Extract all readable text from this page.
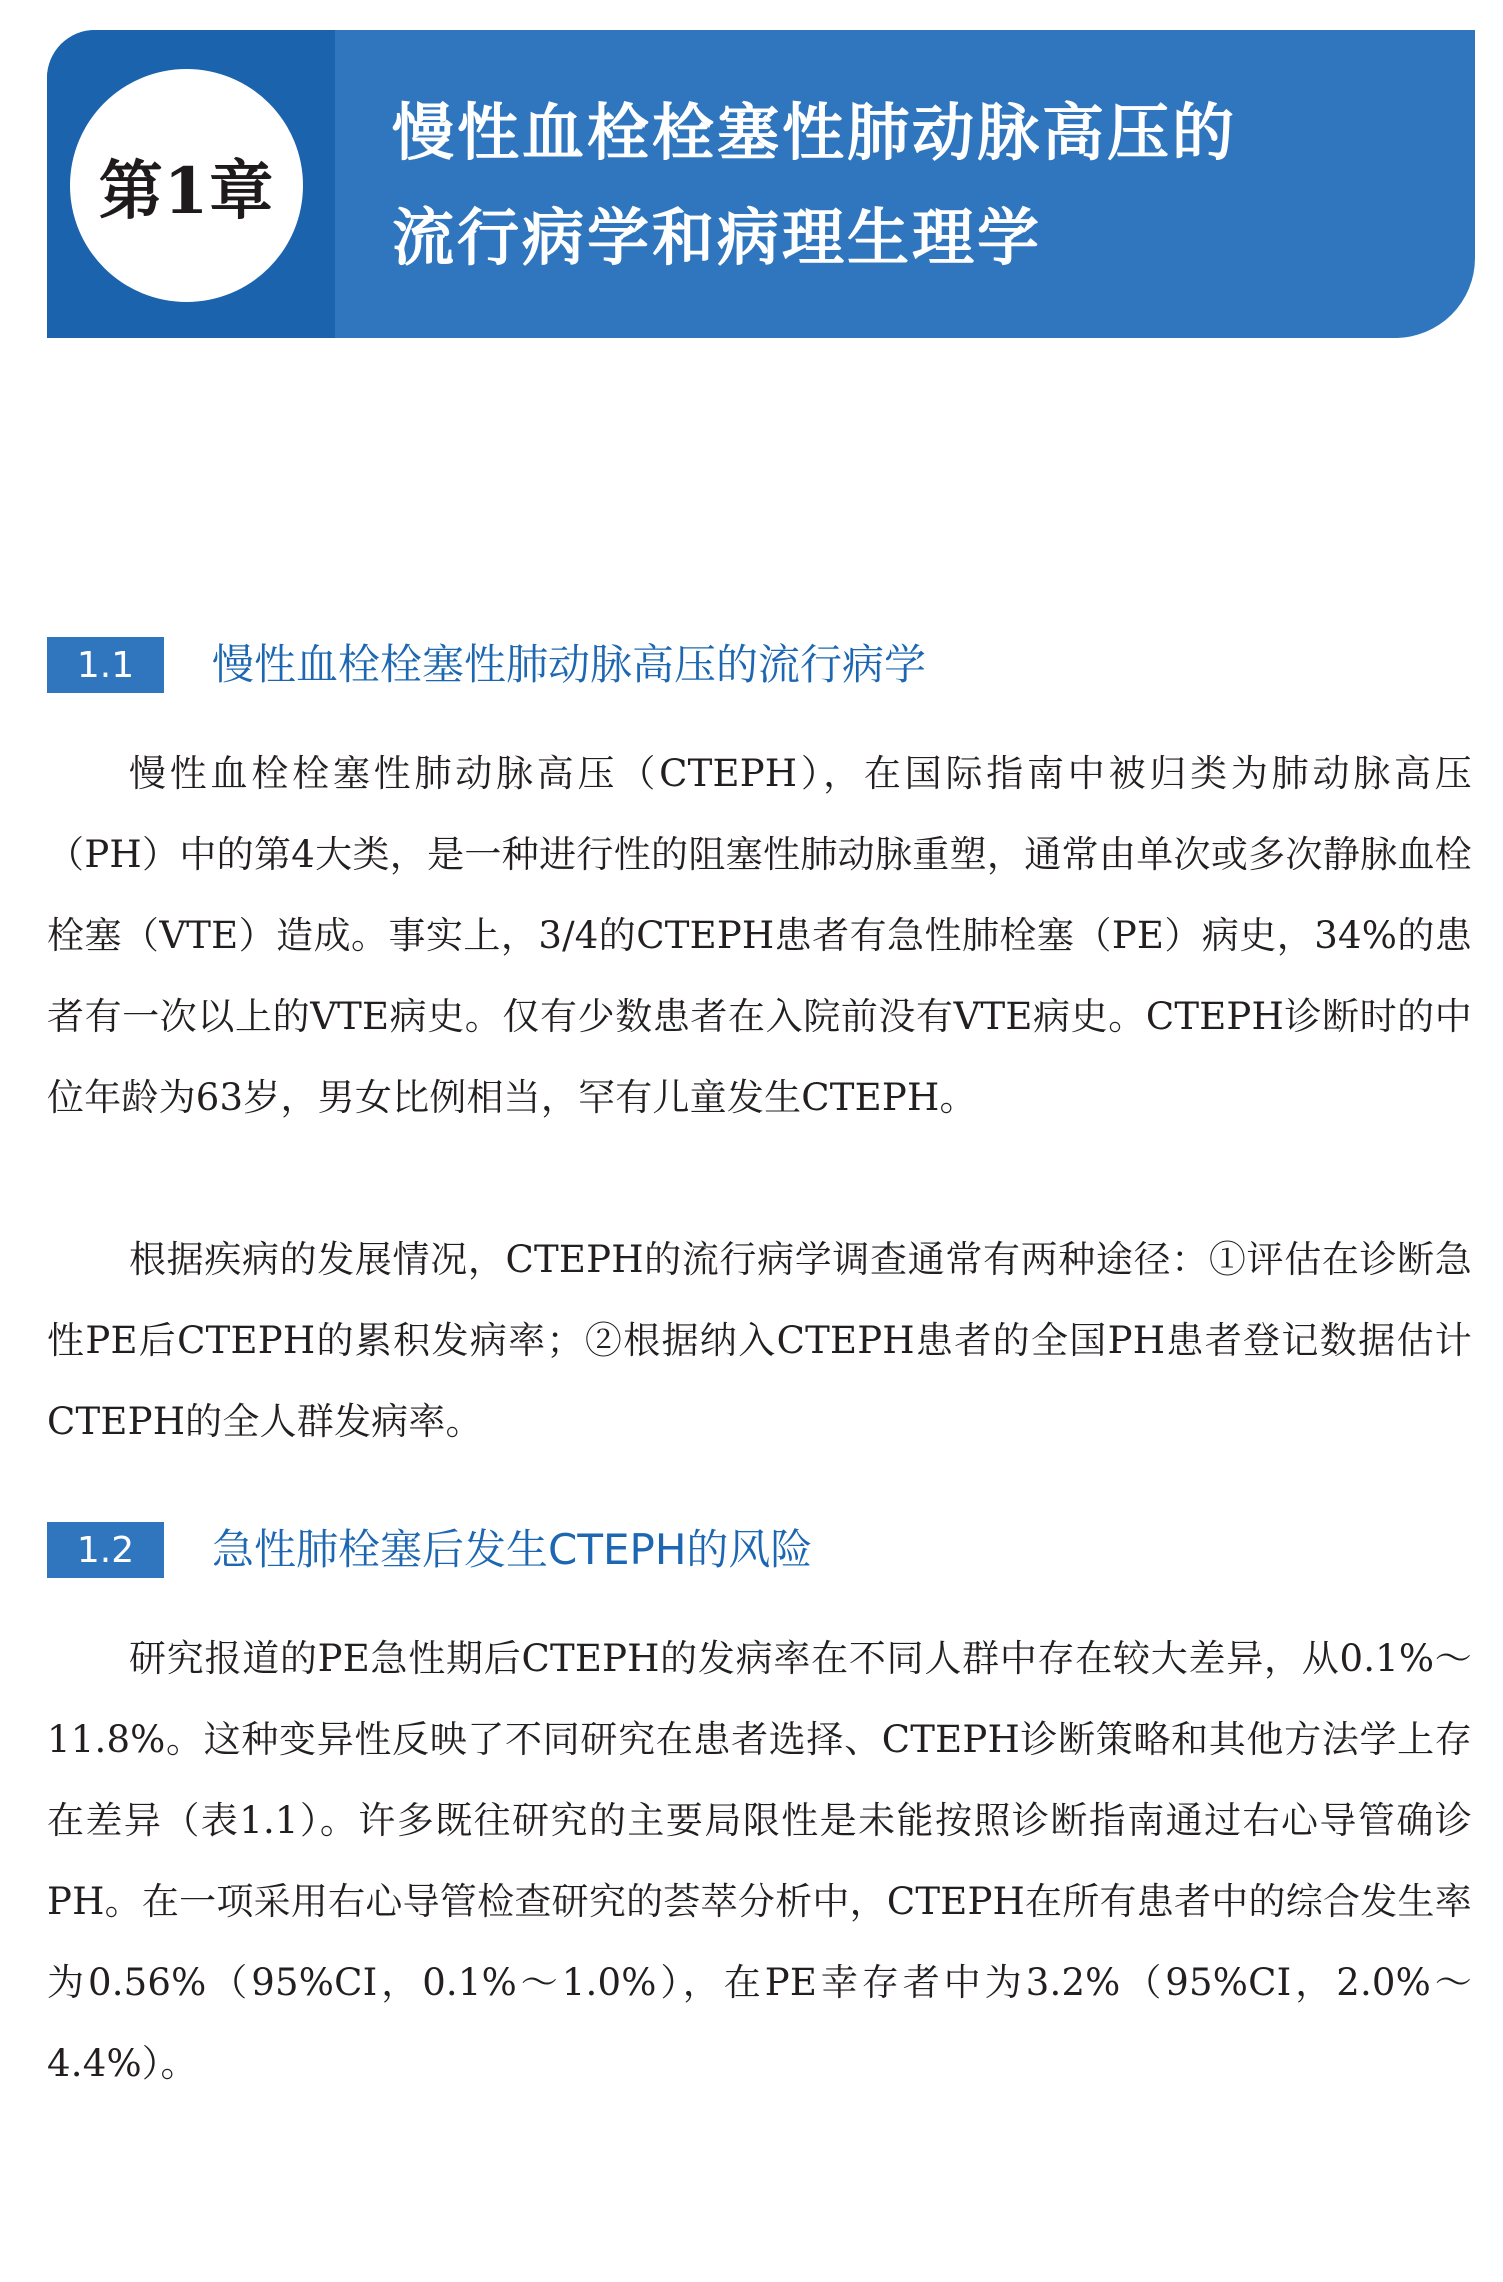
第1章
慢性血栓栓塞性肺动脉高压的
流行病学和病理生理学
1.1	慢性血栓栓塞性肺动脉高压的流行病学

慢性血栓栓塞性肺动脉高压（CTEPH），在国际指南中被归类为肺动脉高压（PH）中的第4大类，是一种进行性的阻塞性肺动脉重塑，通常由单次或多次静脉血栓栓塞（VTE）造成。事实上，3/4的CTEPH患者有急性肺栓塞（PE）病史，34%的患者有一次以上的VTE病史。仅有少数患者在入院前没有VTE病史。CTEPH诊断时的中位年龄为63岁，男女比例相当，罕有儿童发生CTEPH。

根据疾病的发展情况，CTEPH的流行病学调查通常有两种途径：①评估在诊断急性PE后CTEPH的累积发病率；②根据纳入CTEPH患者的全国PH患者登记数据估计CTEPH的全人群发病率。

1.2	急性肺栓塞后发生CTEPH的风险

研究报道的PE急性期后CTEPH的发病率在不同人群中存在较大差异，从0.1%～11.8%。这种变异性反映了不同研究在患者选择、CTEPH诊断策略和其他方法学上存在差异（表1.1）。许多既往研究的主要局限性是未能按照诊断指南通过右心导管确诊PH。在一项采用右心导管检查研究的荟萃分析中，CTEPH在所有患者中的综合发生率为0.56%（95%CI，0.1%～1.0%），在PE幸存者中为3.2%（95%CI，2.0%～4.4%）。
